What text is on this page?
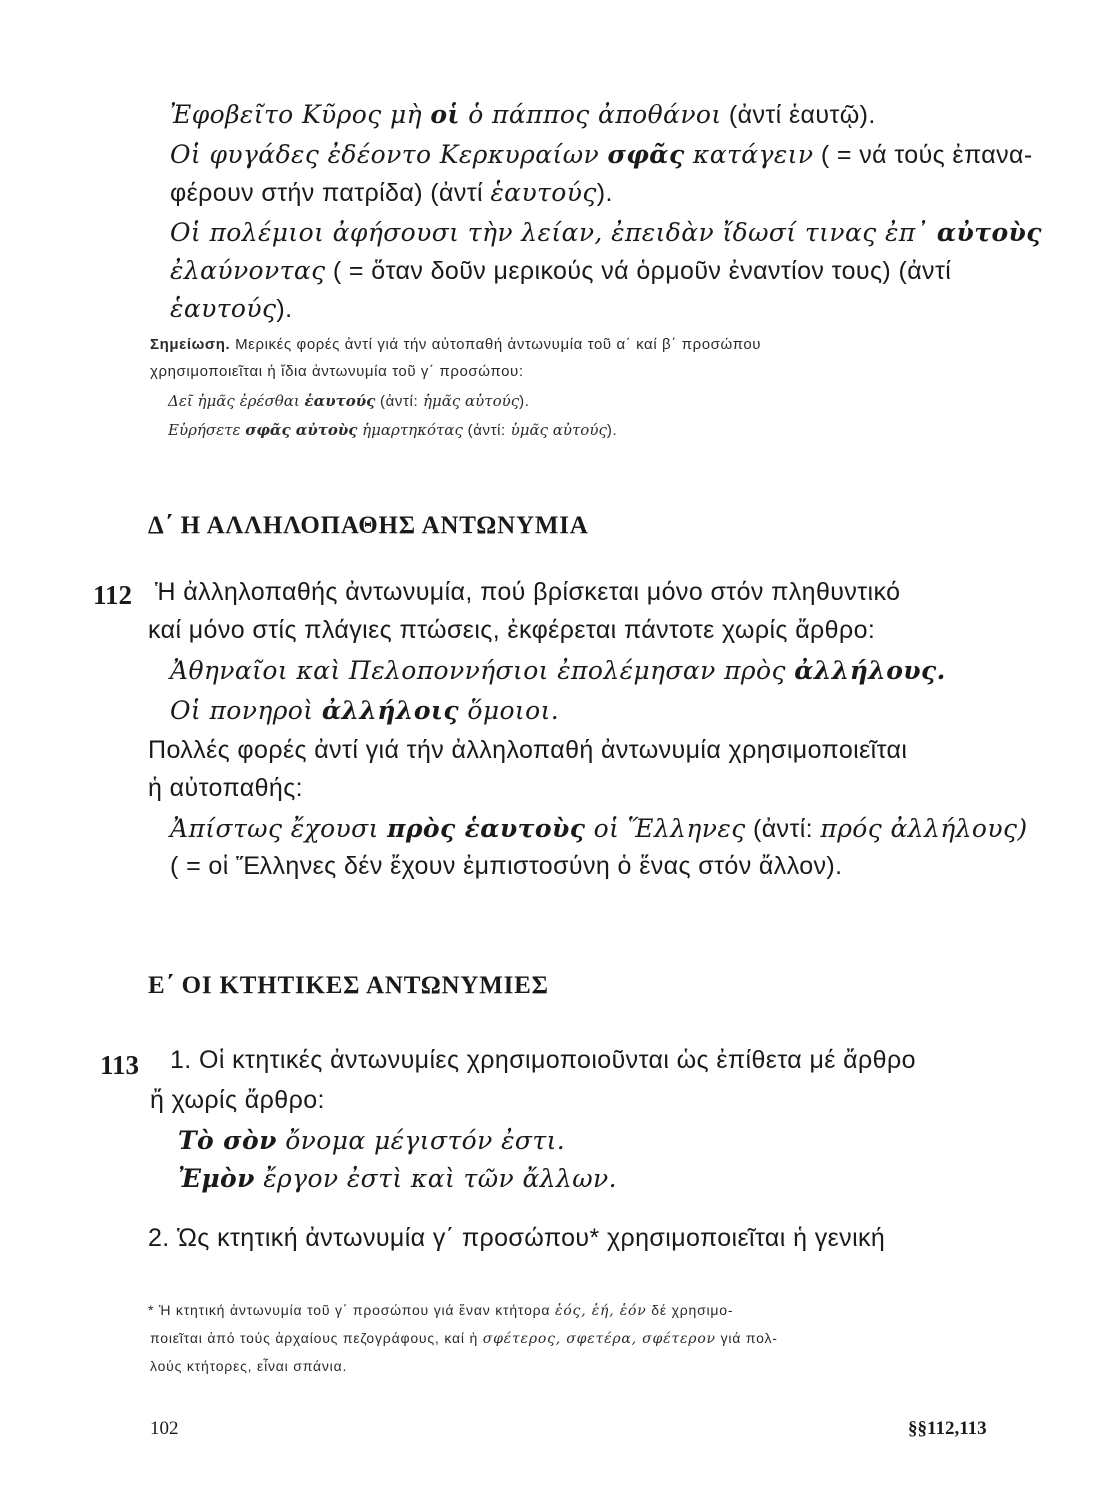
Ἐφοβεῖτο Κῦρος μὴ οἱ ὁ πάππος ἀποθάνοι (ἀντί ἑαυτῷ).
Οἱ φυγάδες ἐδέοντο Κερκυραίων σφᾶς κατάγειν ( = νά τούς ἐπανα-
φέρουν στήν πατρίδα) (ἀντί ἑαυτούς).
Οἱ πολέμιοι ἀφήσουσι τὴν λείαν, ἐπειδὰν ἴδωσί τινας ἐπ᾽ αὐτοὺς
ἐλαύνοντας ( = ὅταν δοῦν μερικούς νά ὁρμοῦν ἐναντίον τους) (ἀντί
ἑαυτούς).
Σημείωση. Μερικές φορές ἀντί γιά τήν αὐτοπαθή ἀντωνυμία τοῦ α΄ καί β΄ προσώπου
χρησιμοποιεῖται ἡ ἴδια ἀντωνυμία τοῦ γ΄ προσώπου:
Δεῖ ἡμᾶς ἐρέσθαι ἑαυτούς (ἀντί: ἡμᾶς αὐτούς).
Εὑρήσετε σφᾶς αὐτοὺς ἡμαρτηκότας (ἀντί: ὑμᾶς αὐτούς).
Δ΄ Η ΑΛΛΗΛΟΠΑΘΗΣ ΑΝΤΩΝΥΜΙΑ
112 Ἡ ἀλληλοπαθής ἀντωνυμία, πού βρίσκεται μόνο στόν πληθυντικό
καί μόνο στίς πλάγιες πτώσεις, ἐκφέρεται πάντοτε χωρίς ἄρθρο:
Ἀθηναῖοι καὶ Πελοποννήσιοι ἐπολέμησαν πρὸς ἀλλήλους.
Οἱ πονηροὶ ἀλλήλοις ὅμοιοι.
Πολλές φορές ἀντί γιά τήν ἀλληλοπαθή ἀντωνυμία χρησιμοποιεῖται
ἡ αὐτοπαθής:
Ἀπίστως ἔχουσι πρὸς ἑαυτοὺς οἱ Ἕλληνες (ἀντί: πρός ἀλλήλους)
( = οἱ Ἕλληνες δέν ἔχουν ἐμπιστοσύνη ὁ ἕνας στόν ἄλλον).
Ε΄ ΟΙ ΚΤΗΤΙΚΕΣ ΑΝΤΩΝΥΜΙΕΣ
113 1. Οἱ κτητικές ἀντωνυμίες χρησιμοποιοῦνται ὡς ἐπίθετα μέ ἄρθρο
ἤ χωρίς ἄρθρο:
Τὸ σὸν ὄνομα μέγιστόν ἐστι.
Ἐμὸν ἔργον ἐστὶ καὶ τῶν ἄλλων.
2. Ὡς κτητική ἀντωνυμία γ΄ προσώπου* χρησιμοποιεῖται ἡ γενική
* Ἡ κτητική ἀντωνυμία τοῦ γ΄ προσώπου γιά ἕναν κτήτορα ἑός, ἑή, ἑόν δέ χρησιμο-
ποιεῖται ἀπό τούς ἀρχαίους πεζογράφους, καί ἡ σφέτερος, σφετέρα, σφέτερον γιά πολ-
λούς κτήτορες, εἶναι σπάνια.
102	§§112,113
